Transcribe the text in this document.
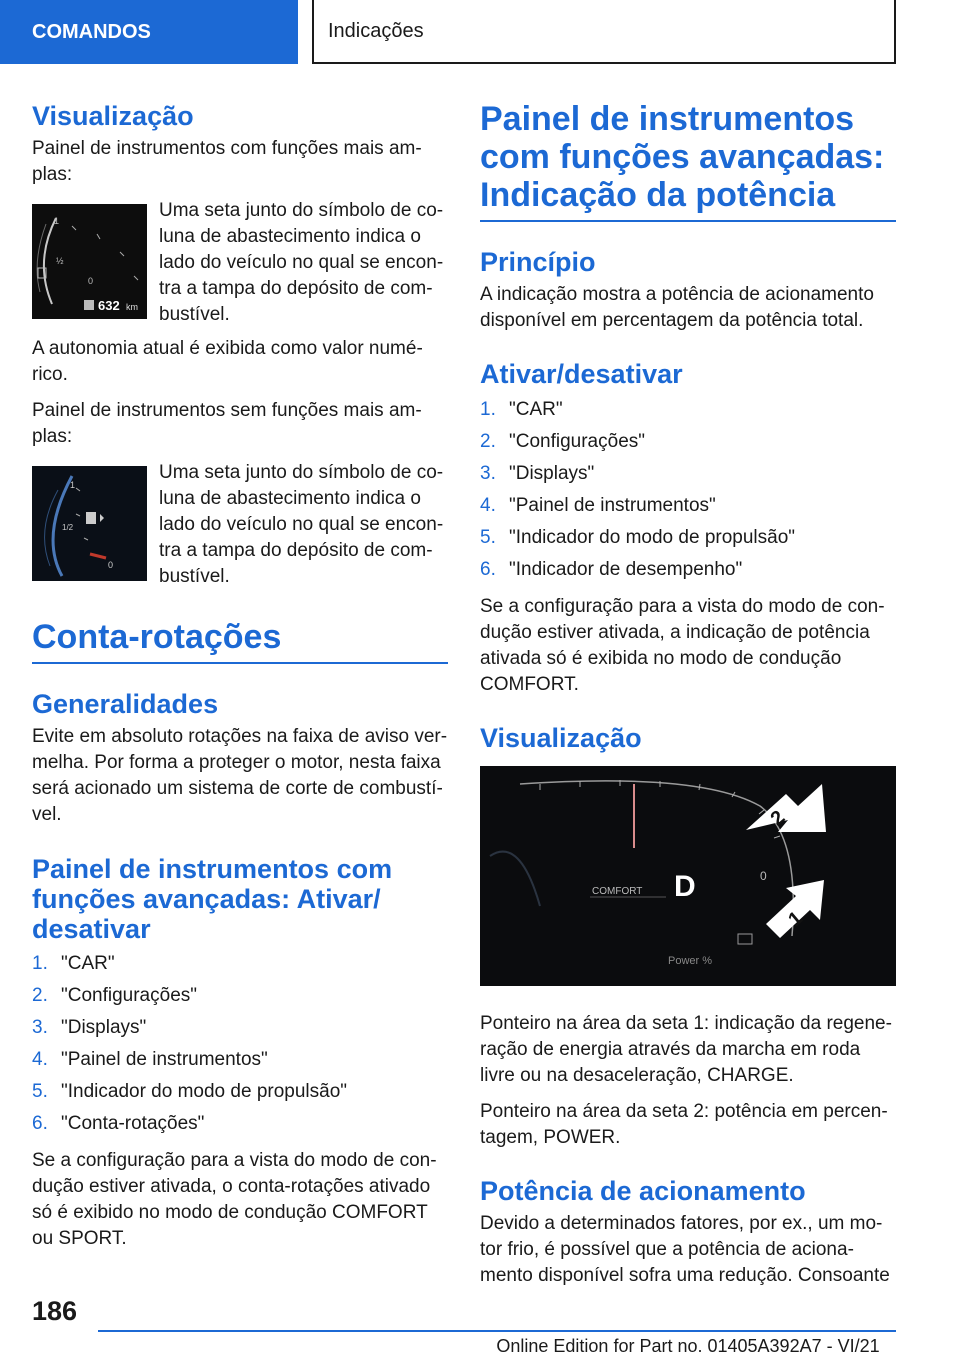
COMANDOS	Indicações
Visualização

Painel de instrumentos com funções mais amplas:

1
½
0
632 km

Uma seta junto do símbolo de coluna de abastecimento indica o lado do veículo no qual se encontra a tampa do depósito de combustível.

A autonomia atual é exibida como valor numérico.

Painel de instrumentos sem funções mais amplas:

1
1/2
0

Uma seta junto do símbolo de coluna de abastecimento indica o lado do veículo no qual se encontra a tampa do depósito de combustível.

Conta-rotações
Generalidades

Evite em absoluto rotações na faixa de aviso vermelha. Por forma a proteger o motor, nesta faixa será acionado um sistema de corte de combustível.

Painel de instrumentos com funções avançadas: Ativar/ desativar
1. "CAR"
2. "Configurações"
3. "Displays"
4. "Painel de instrumentos"
5. "Indicador do modo de propulsão"
6. "Conta-rotações"

Se a configuração para a vista do modo de condução estiver ativada, o conta-rotações ativado só é exibido no modo de condução COMFORT ou SPORT.

Painel de instrumentos com funções avançadas: Indicação da potência
Princípio

A indicação mostra a potência de acionamento disponível em percentagem da potência total.

Ativar/desativar
1. "CAR"
2. "Configurações"
3. "Displays"
4. "Painel de instrumentos"
5. "Indicador do modo de propulsão"
6. "Indicador de desempenho"

Se a configuração para a vista do modo de condução estiver ativada, a indicação de potência ativada só é exibida no modo de condução COMFORT.

Visualização
COMFORT D	0
Power %
2
1

Ponteiro na área da seta 1: indicação da regeneração de energia através da marcha em roda livre ou na desaceleração, CHARGE.

Ponteiro na área da seta 2: potência em percentagem, POWER.

Potência de acionamento

Devido a determinados fatores, por ex., um motor frio, é possível que a potência de acionamento disponível sofra uma redução. Consoante

186
Online Edition for Part no. 01405A392A7 - VI/21
